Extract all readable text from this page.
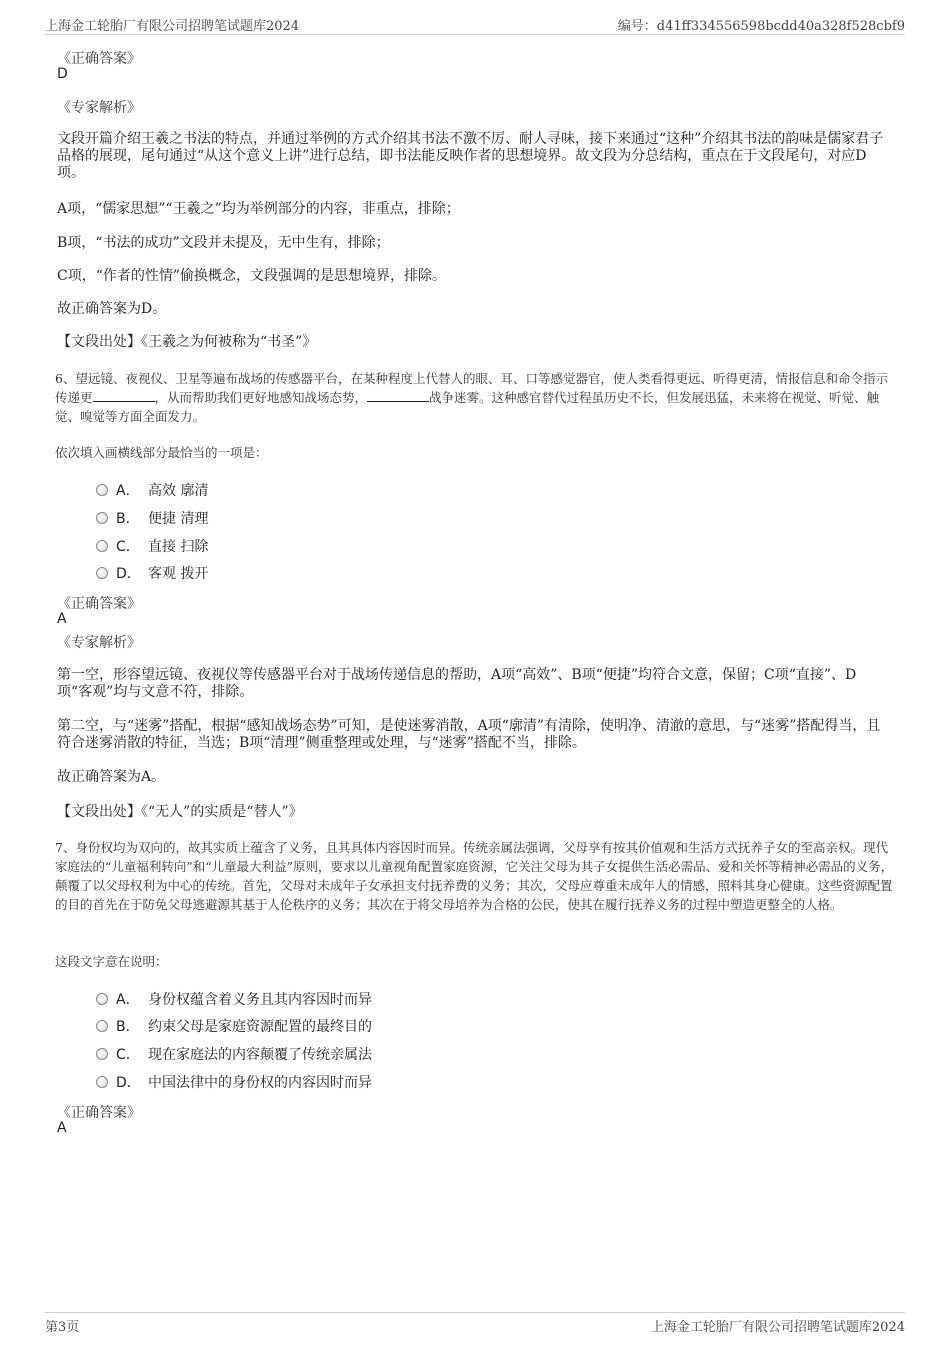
上海金工轮胎厂有限公司招聘笔试题库2024	编号：d41ff334556598bcdd40a328f528cbf9

《正确答案》

D

《专家解析》

文段开篇介绍王羲之书法的特点，并通过举例的方式介绍其书法不激不厉、耐人寻味，接下来通过“这种”介绍其书法的韵味是儒家君子品格的展现，尾句通过“从这个意义上讲”进行总结，即书法能反映作者的思想境界。故文段为分总结构，重点在于文段尾句，对应D项。

A项，“儒家思想”“王羲之”均为举例部分的内容，非重点，排除；

B项，“书法的成功”文段并未提及，无中生有，排除；

C项，“作者的性情”偷换概念，文段强调的是思想境界，排除。

故正确答案为D。

【文段出处】《王羲之为何被称为“书圣”》

6、望远镜、夜视仪、卫星等遍布战场的传感器平台，在某种程度上代替人的眼、耳、口等感觉器官，使人类看得更远、听得更清，情报信息和命令指示传递更	，从而帮助我们更好地感知战场态势，	战争迷雾。这种感官替代过程虽历史不长，但发展迅猛，未来将在视觉、听觉、触觉、嗅觉等方面全面发力。

依次填入画横线部分最恰当的一项是：

A． 高效 廓清
B． 便捷 清理
C． 直接 扫除
D． 客观 拨开

《正确答案》

A

《专家解析》

第一空，形容望远镜、夜视仪等传感器平台对于战场传递信息的帮助，A项“高效”、B项“便捷”均符合文意，保留；C项“直接”、D项“客观”均与文意不符，排除。

第二空，与“迷雾”搭配，根据“感知战场态势”可知，是使迷雾消散，A项“廓清”有清除，使明净、清澈的意思，与“迷雾”搭配得当，且符合迷雾消散的特征，当选；B项“清理”侧重整理或处理，与“迷雾”搭配不当，排除。

故正确答案为A。

【文段出处】《“无人”的实质是“替人”》

7、身份权均为双向的，故其实质上蕴含了义务，且其具体内容因时而异。传统亲属法强调，父母享有按其价值观和生活方式抚养子女的至高亲权。现代家庭法的“儿童福利转向”和“儿童最大利益”原则，要求以儿童视角配置家庭资源，它关注父母为其子女提供生活必需品、爱和关怀等精神必需品的义务，颠覆了以父母权利为中心的传统。首先，父母对未成年子女承担支付抚养费的义务；其次，父母应尊重未成年人的情感，照料其身心健康。这些资源配置的目的首先在于防免父母逃避源其基于人伦秩序的义务；其次在于将父母培养为合格的公民，使其在履行抚养义务的过程中塑造更整全的人格。

这段文字意在说明：

A． 身份权蕴含着义务且其内容因时而异
B． 约束父母是家庭资源配置的最终目的
C． 现在家庭法的内容颠覆了传统亲属法
D． 中国法律中的身份权的内容因时而异

《正确答案》

A

第3页	上海金工轮胎厂有限公司招聘笔试题库2024
